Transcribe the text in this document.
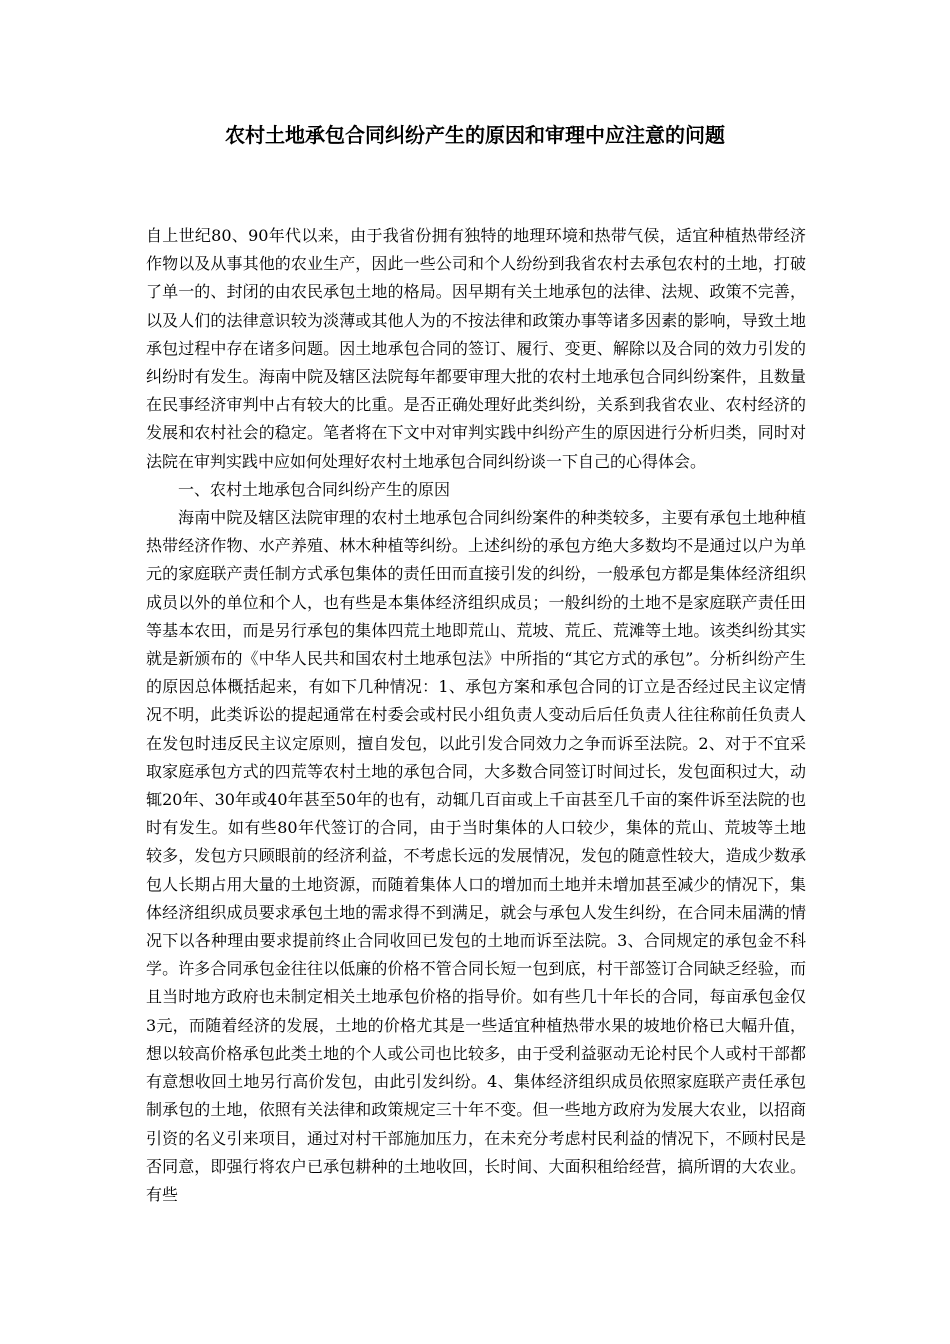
农村土地承包合同纠纷产生的原因和审理中应注意的问题

自上世纪80、90年代以来，由于我省份拥有独特的地理环境和热带气侯，适宜种植热带经济作物以及从事其他的农业生产，因此一些公司和个人纷纷到我省农村去承包农村的土地，打破了单一的、封闭的由农民承包土地的格局。因早期有关土地承包的法律、法规、政策不完善，以及人们的法律意识较为淡薄或其他人为的不按法律和政策办事等诸多因素的影响，导致土地承包过程中存在诸多问题。因土地承包合同的签订、履行、变更、解除以及合同的效力引发的纠纷时有发生。海南中院及辖区法院每年都要审理大批的农村土地承包合同纠纷案件，且数量在民事经济审判中占有较大的比重。是否正确处理好此类纠纷，关系到我省农业、农村经济的发展和农村社会的稳定。笔者将在下文中对审判实践中纠纷产生的原因进行分析归类，同时对法院在审判实践中应如何处理好农村土地承包合同纠纷谈一下自己的心得体会。

一、农村土地承包合同纠纷产生的原因

海南中院及辖区法院审理的农村土地承包合同纠纷案件的种类较多，主要有承包土地种植热带经济作物、水产养殖、林木种植等纠纷。上述纠纷的承包方绝大多数均不是通过以户为单元的家庭联产责任制方式承包集体的责任田而直接引发的纠纷，一般承包方都是集体经济组织成员以外的单位和个人，也有些是本集体经济组织成员；一般纠纷的土地不是家庭联产责任田等基本农田，而是另行承包的集体四荒土地即荒山、荒坡、荒丘、荒滩等土地。该类纠纷其实就是新颁布的《中华人民共和国农村土地承包法》中所指的“其它方式的承包”。分析纠纷产生的原因总体概括起来，有如下几种情况：1、承包方案和承包合同的订立是否经过民主议定情况不明，此类诉讼的提起通常在村委会或村民小组负责人变动后后任负责人往往称前任负责人在发包时违反民主议定原则，擅自发包，以此引发合同效力之争而诉至法院。2、对于不宜采取家庭承包方式的四荒等农村土地的承包合同，大多数合同签订时间过长，发包面积过大，动辄20年、30年或40年甚至50年的也有，动辄几百亩或上千亩甚至几千亩的案件诉至法院的也时有发生。如有些80年代签订的合同，由于当时集体的人口较少，集体的荒山、荒坡等土地较多，发包方只顾眼前的经济利益，不考虑长远的发展情况，发包的随意性较大，造成少数承包人长期占用大量的土地资源，而随着集体人口的增加而土地并未增加甚至减少的情况下，集体经济组织成员要求承包土地的需求得不到满足，就会与承包人发生纠纷，在合同未届满的情况下以各种理由要求提前终止合同收回已发包的土地而诉至法院。3、合同规定的承包金不科学。许多合同承包金往往以低廉的价格不管合同长短一包到底，村干部签订合同缺乏经验，而且当时地方政府也未制定相关土地承包价格的指导价。如有些几十年长的合同，每亩承包金仅3元，而随着经济的发展，土地的价格尤其是一些适宜种植热带水果的坡地价格已大幅升值，想以较高价格承包此类土地的个人或公司也比较多，由于受利益驱动无论村民个人或村干部都有意想收回土地另行高价发包，由此引发纠纷。4、集体经济组织成员依照家庭联产责任承包制承包的土地，依照有关法律和政策规定三十年不变。但一些地方政府为发展大农业，以招商引资的名义引来项目，通过对村干部施加压力，在未充分考虑村民利益的情况下，不顾村民是否同意，即强行将农户已承包耕种的土地收回，长时间、大面积租给经营，搞所谓的大农业。有些
